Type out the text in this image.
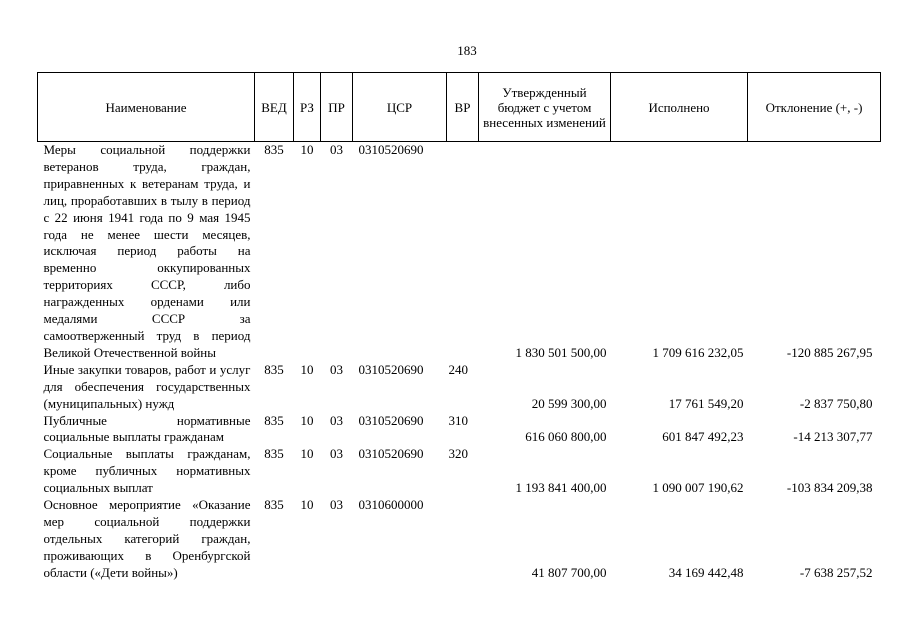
183
Наименование	ВЕД	РЗ	ПР	ЦСР	ВР	Утвержденный бюджет с учетом внесенных изменений	Исполнено	Отклонение (+, -)
Меры социальной поддержки ветеранов труда, граждан, приравненных к ветеранам труда, и лиц, проработавших в тылу в период с 22 июня 1941 года по 9 мая 1945 года не менее шести месяцев, исключая период работы на временно оккупированных территориях СССР, либо награжденных орденами или медалями СССР за самоотверженный труд в период Великой Отечественной войны	835	10	03	0310520690		1 830 501 500,00	1 709 616 232,05	-120 885 267,95
Иные закупки товаров, работ и услуг для обеспечения государственных (муниципальных) нужд	835	10	03	0310520690	240	20 599 300,00	17 761 549,20	-2 837 750,80
Публичные нормативные социальные выплаты гражданам	835	10	03	0310520690	310	616 060 800,00	601 847 492,23	-14 213 307,77
Социальные выплаты гражданам, кроме публичных нормативных социальных выплат	835	10	03	0310520690	320	1 193 841 400,00	1 090 007 190,62	-103 834 209,38
Основное мероприятие «Оказание мер социальной поддержки отдельных категорий граждан, проживающих в Оренбургской области («Дети войны»)	835	10	03	0310600000		41 807 700,00	34 169 442,48	-7 638 257,52
